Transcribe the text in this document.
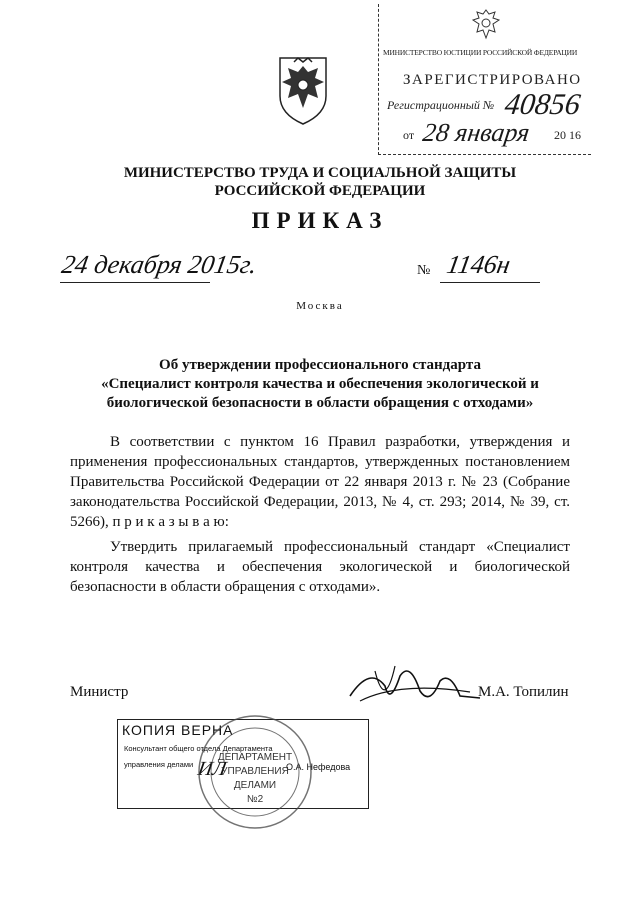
МИНИСТЕРСТВО ЮСТИЦИИ РОССИЙСКОЙ ФЕДЕРАЦИИ
ЗАРЕГИСТРИРОВАНО
Регистрационный № 40856
от 28 января 20 16
МИНИСТЕРСТВО ТРУДА И СОЦИАЛЬНОЙ ЗАЩИТЫ
РОССИЙСКОЙ ФЕДЕРАЦИИ
ПРИКАЗ
24 декабря 2015г.	№ 1146н
Москва
Об утверждении профессионального стандарта
«Специалист контроля качества и обеспечения экологической и
биологической безопасности в области обращения с отходами»
В соответствии с пунктом 16 Правил разработки, утверждения и применения профессиональных стандартов, утвержденных постановлением Правительства Российской Федерации от 22 января 2013 г. № 23 (Собрание законодательства Российской Федерации, 2013, № 4, ст. 293; 2014, № 39, ст. 5266), п р и к а з ы в а ю:
Утвердить прилагаемый профессиональный стандарт «Специалист контроля качества и обеспечения экологической и биологической безопасности в области обращения с отходами».
Министр	М.А. Топилин
КОПИЯ ВЕРНА
Консультант общего отдела Департамента
управления делами ИЛ	О.А. Нефедова
ДЕПАРТАМЕНТ
УПРАВЛЕНИЯ
ДЕЛАМИ
№2
